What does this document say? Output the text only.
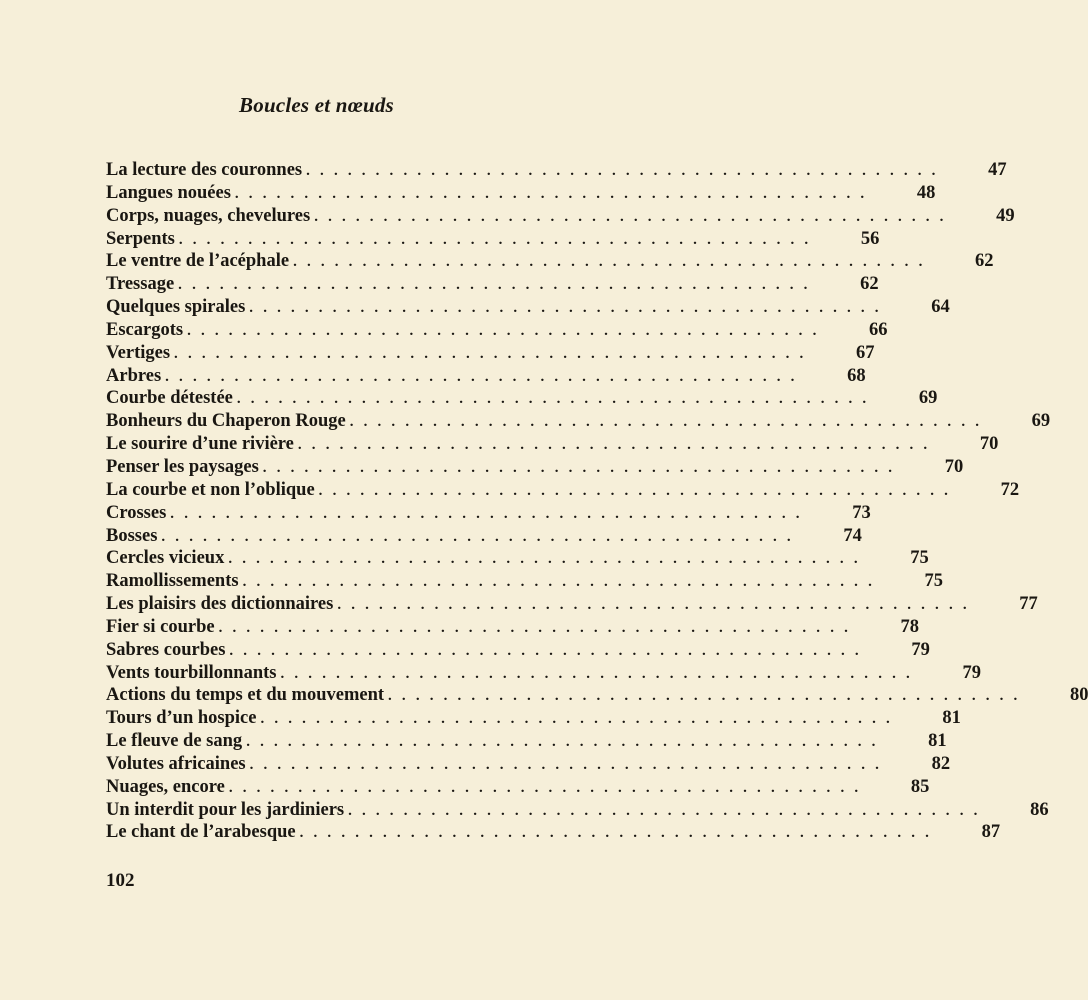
Boucles et nœuds
La lecture des couronnes . . . . . . . . . . . . . . . . . . . . . . . . . . . . . . . . . . . . . . . . . . . . . .	47
Langues nouées . . . . . . . . . . . . . . . . . . . . . . . . . . . . . . . . . . . . . . . . . . . . . .	48
Corps, nuages, chevelures . . . . . . . . . . . . . . . . . . . . . . . . . . . . . . . . . . . . . . . . . . . . . .	49
Serpents . . . . . . . . . . . . . . . . . . . . . . . . . . . . . . . . . . . . . . . . . . . . . .	56
Le ventre de l’acéphale . . . . . . . . . . . . . . . . . . . . . . . . . . . . . . . . . . . . . . . . . . . . . .	62
Tressage . . . . . . . . . . . . . . . . . . . . . . . . . . . . . . . . . . . . . . . . . . . . . .	62
Quelques spirales . . . . . . . . . . . . . . . . . . . . . . . . . . . . . . . . . . . . . . . . . . . . . .	64
Escargots . . . . . . . . . . . . . . . . . . . . . . . . . . . . . . . . . . . . . . . . . . . . . .	66
Vertiges . . . . . . . . . . . . . . . . . . . . . . . . . . . . . . . . . . . . . . . . . . . . . .	67
Arbres . . . . . . . . . . . . . . . . . . . . . . . . . . . . . . . . . . . . . . . . . . . . . .	68
Courbe détestée . . . . . . . . . . . . . . . . . . . . . . . . . . . . . . . . . . . . . . . . . . . . . .	69
Bonheurs du Chaperon Rouge . . . . . . . . . . . . . . . . . . . . . . . . . . . . . . . . . . . . . . . . . . . . . .	69
Le sourire d’une rivière . . . . . . . . . . . . . . . . . . . . . . . . . . . . . . . . . . . . . . . . . . . . . .	70
Penser les paysages . . . . . . . . . . . . . . . . . . . . . . . . . . . . . . . . . . . . . . . . . . . . . .	70
La courbe et non l’oblique . . . . . . . . . . . . . . . . . . . . . . . . . . . . . . . . . . . . . . . . . . . . . .	72
Crosses . . . . . . . . . . . . . . . . . . . . . . . . . . . . . . . . . . . . . . . . . . . . . .	73
Bosses . . . . . . . . . . . . . . . . . . . . . . . . . . . . . . . . . . . . . . . . . . . . . .	74
Cercles vicieux . . . . . . . . . . . . . . . . . . . . . . . . . . . . . . . . . . . . . . . . . . . . . .	75
Ramollissements . . . . . . . . . . . . . . . . . . . . . . . . . . . . . . . . . . . . . . . . . . . . . .	75
Les plaisirs des dictionnaires . . . . . . . . . . . . . . . . . . . . . . . . . . . . . . . . . . . . . . . . . . . . . .	77
Fier si courbe . . . . . . . . . . . . . . . . . . . . . . . . . . . . . . . . . . . . . . . . . . . . . .	78
Sabres courbes . . . . . . . . . . . . . . . . . . . . . . . . . . . . . . . . . . . . . . . . . . . . . .	79
Vents tourbillonnants . . . . . . . . . . . . . . . . . . . . . . . . . . . . . . . . . . . . . . . . . . . . . .	79
Actions du temps et du mouvement . . . . . . . . . . . . . . . . . . . . . . . . . . . . . . . . . . . . . . . . . . . . . .	80
Tours d’un hospice . . . . . . . . . . . . . . . . . . . . . . . . . . . . . . . . . . . . . . . . . . . . . .	81
Le fleuve de sang . . . . . . . . . . . . . . . . . . . . . . . . . . . . . . . . . . . . . . . . . . . . . .	81
Volutes africaines . . . . . . . . . . . . . . . . . . . . . . . . . . . . . . . . . . . . . . . . . . . . . .	82
Nuages, encore . . . . . . . . . . . . . . . . . . . . . . . . . . . . . . . . . . . . . . . . . . . . . .	85
Un interdit pour les jardiniers . . . . . . . . . . . . . . . . . . . . . . . . . . . . . . . . . . . . . . . . . . . . . .	86
Le chant de l’arabesque . . . . . . . . . . . . . . . . . . . . . . . . . . . . . . . . . . . . . . . . . . . . . .	87
102
